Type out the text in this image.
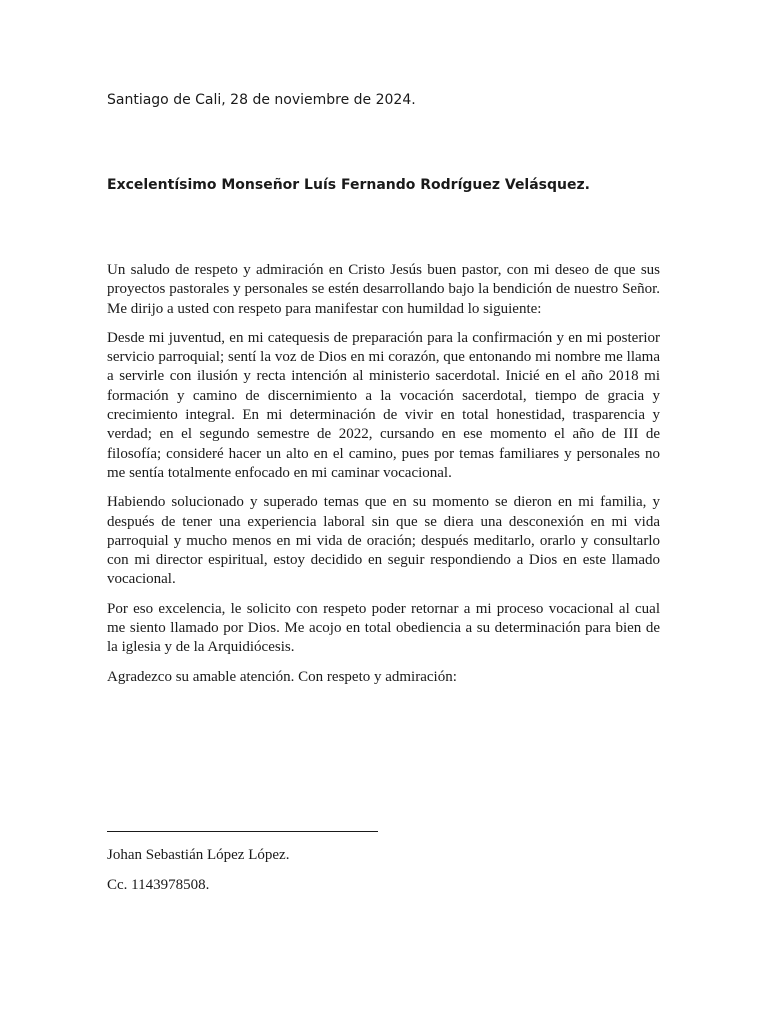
Santiago de Cali, 28 de noviembre de 2024.

Excelentísimo Monseñor Luís Fernando Rodríguez Velásquez.

Un saludo de respeto y admiración en Cristo Jesús buen pastor, con mi deseo de que sus proyectos pastorales y personales se estén desarrollando bajo la bendición de nuestro Señor. Me dirijo a usted con respeto para manifestar con humildad lo siguiente:

Desde mi juventud, en mi catequesis de preparación para la confirmación y en mi posterior servicio parroquial; sentí la voz de Dios en mi corazón, que entonando mi nombre me llama a servirle con ilusión y recta intención al ministerio sacerdotal. Inicié en el año 2018 mi formación y camino de discernimiento a la vocación sacerdotal, tiempo de gracia y crecimiento integral. En mi determinación de vivir en total honestidad, trasparencia y verdad; en el segundo semestre de 2022, cursando en ese momento el año de III de filosofía; consideré hacer un alto en el camino, pues por temas familiares y personales no me sentía totalmente enfocado en mi caminar vocacional.

Habiendo solucionado y superado temas que en su momento se dieron en mi familia, y después de tener una experiencia laboral sin que se diera una desconexión en mi vida parroquial y mucho menos en mi vida de oración; después meditarlo, orarlo y consultarlo con mi director espiritual, estoy decidido en seguir respondiendo a Dios en este llamado vocacional.

Por eso excelencia, le solicito con respeto poder retornar a mi proceso vocacional al cual me siento llamado por Dios. Me acojo en total obediencia a su determinación para bien de la iglesia y de la Arquidiócesis.

Agradezco su amable atención. Con respeto y admiración:

Johan Sebastián López López.

Cc. 1143978508.
